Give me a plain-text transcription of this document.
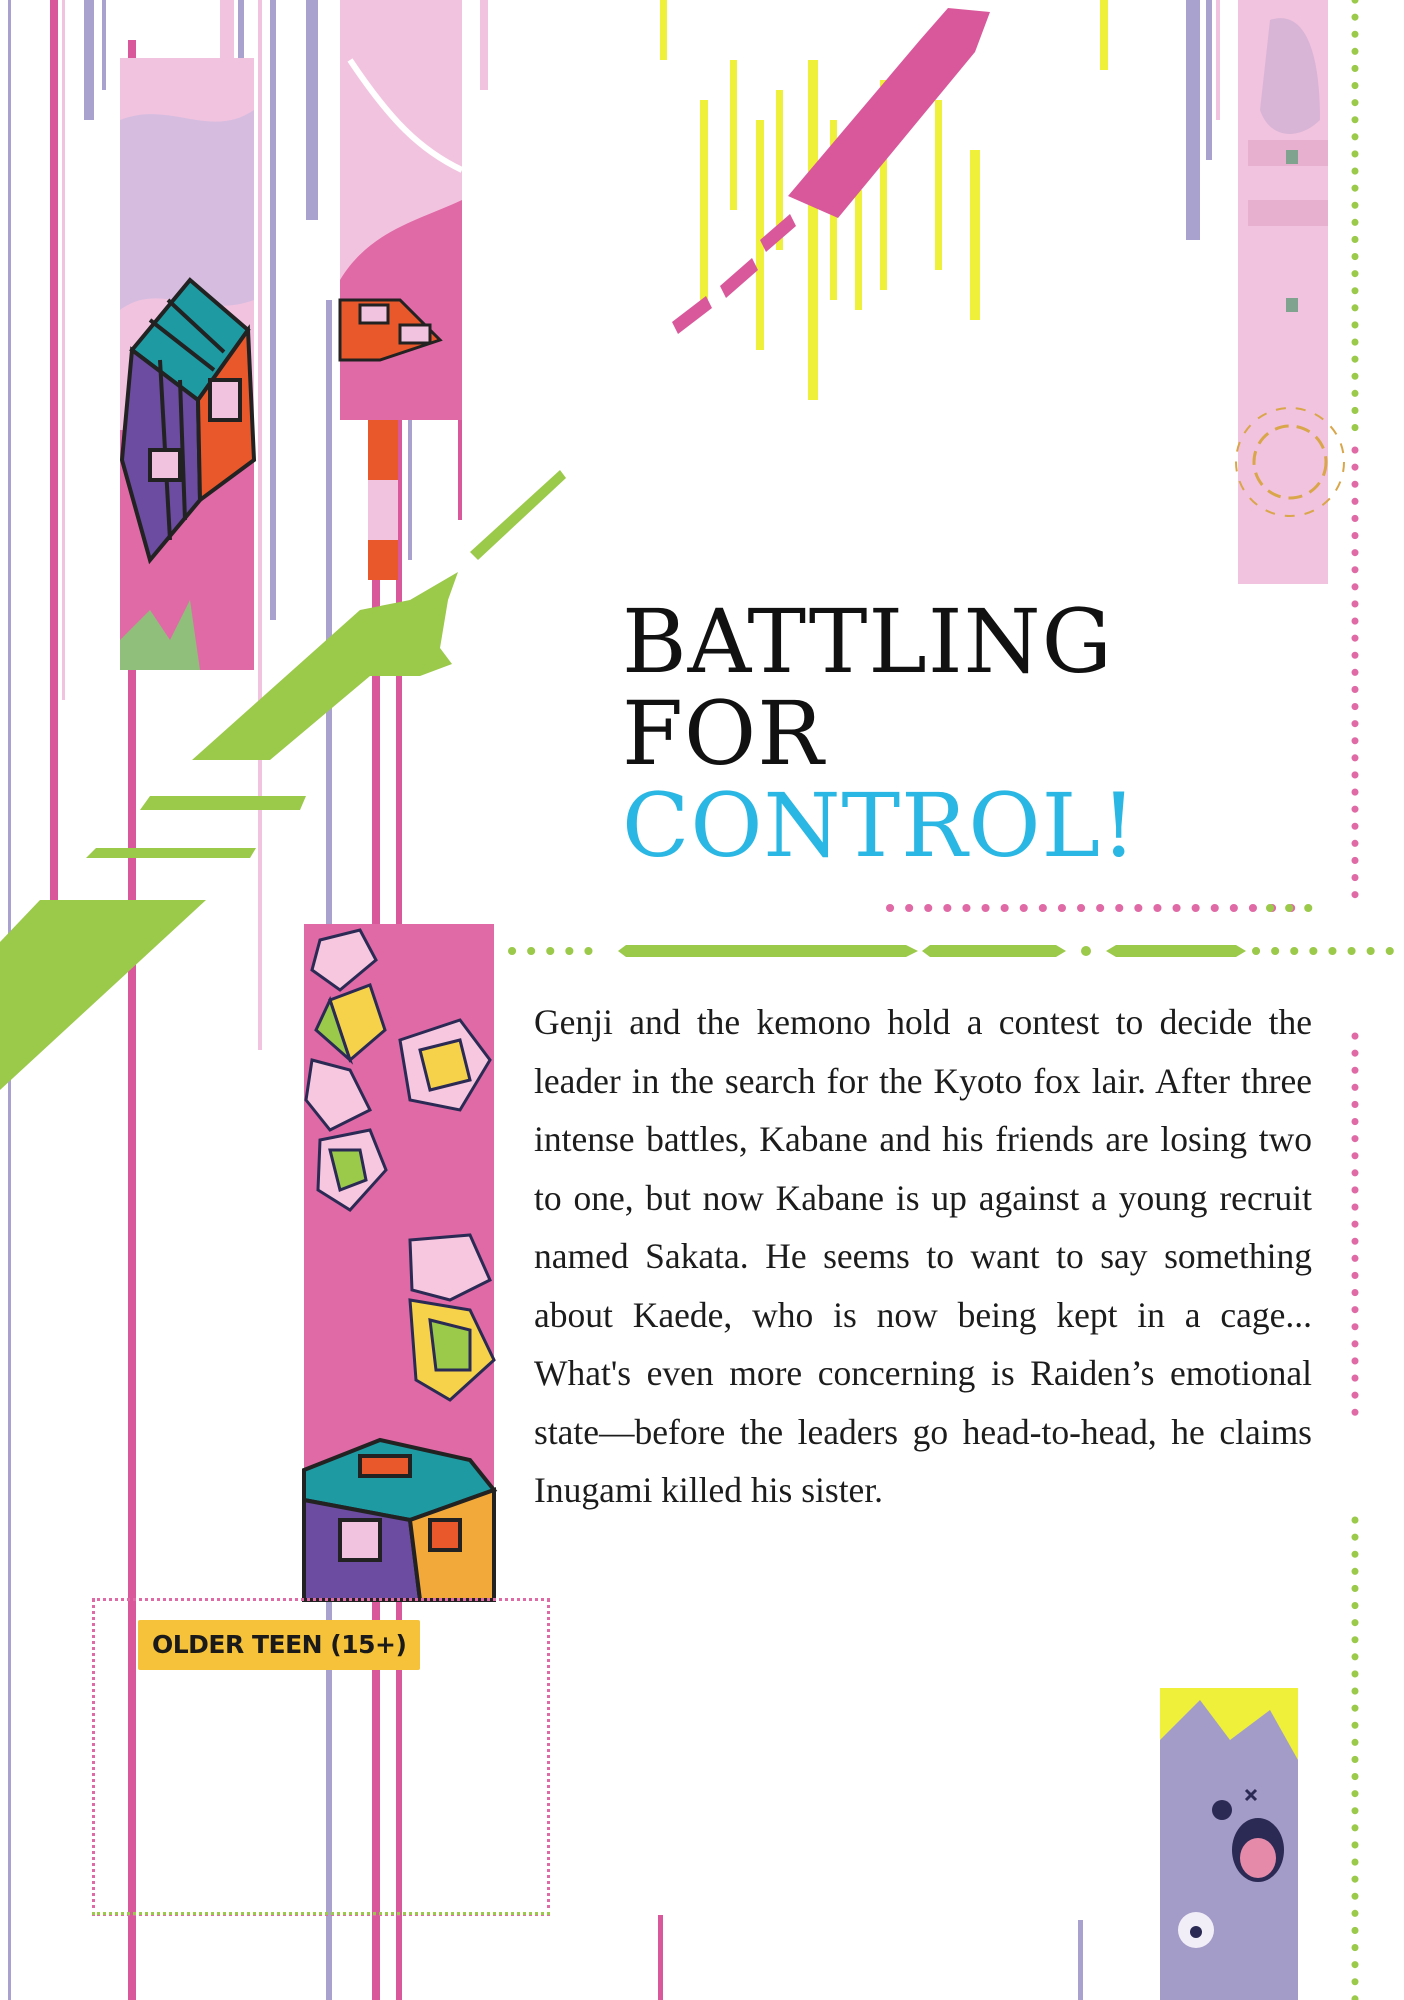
BATTLING
FOR
CONTROL!
Genji and the kemono hold a contest to decide the leader in the search for the Kyoto fox lair. After three intense battles, Kabane and his friends are losing two to one, but now Kabane is up against a young recruit named Sakata. He seems to want to say something about Kaede, who is now being kept in a cage... What's even more concerning is Raiden’s emotional state—before the leaders go head-to-head, he claims Inugami killed his sister.
OLDER TEEN (15+)
